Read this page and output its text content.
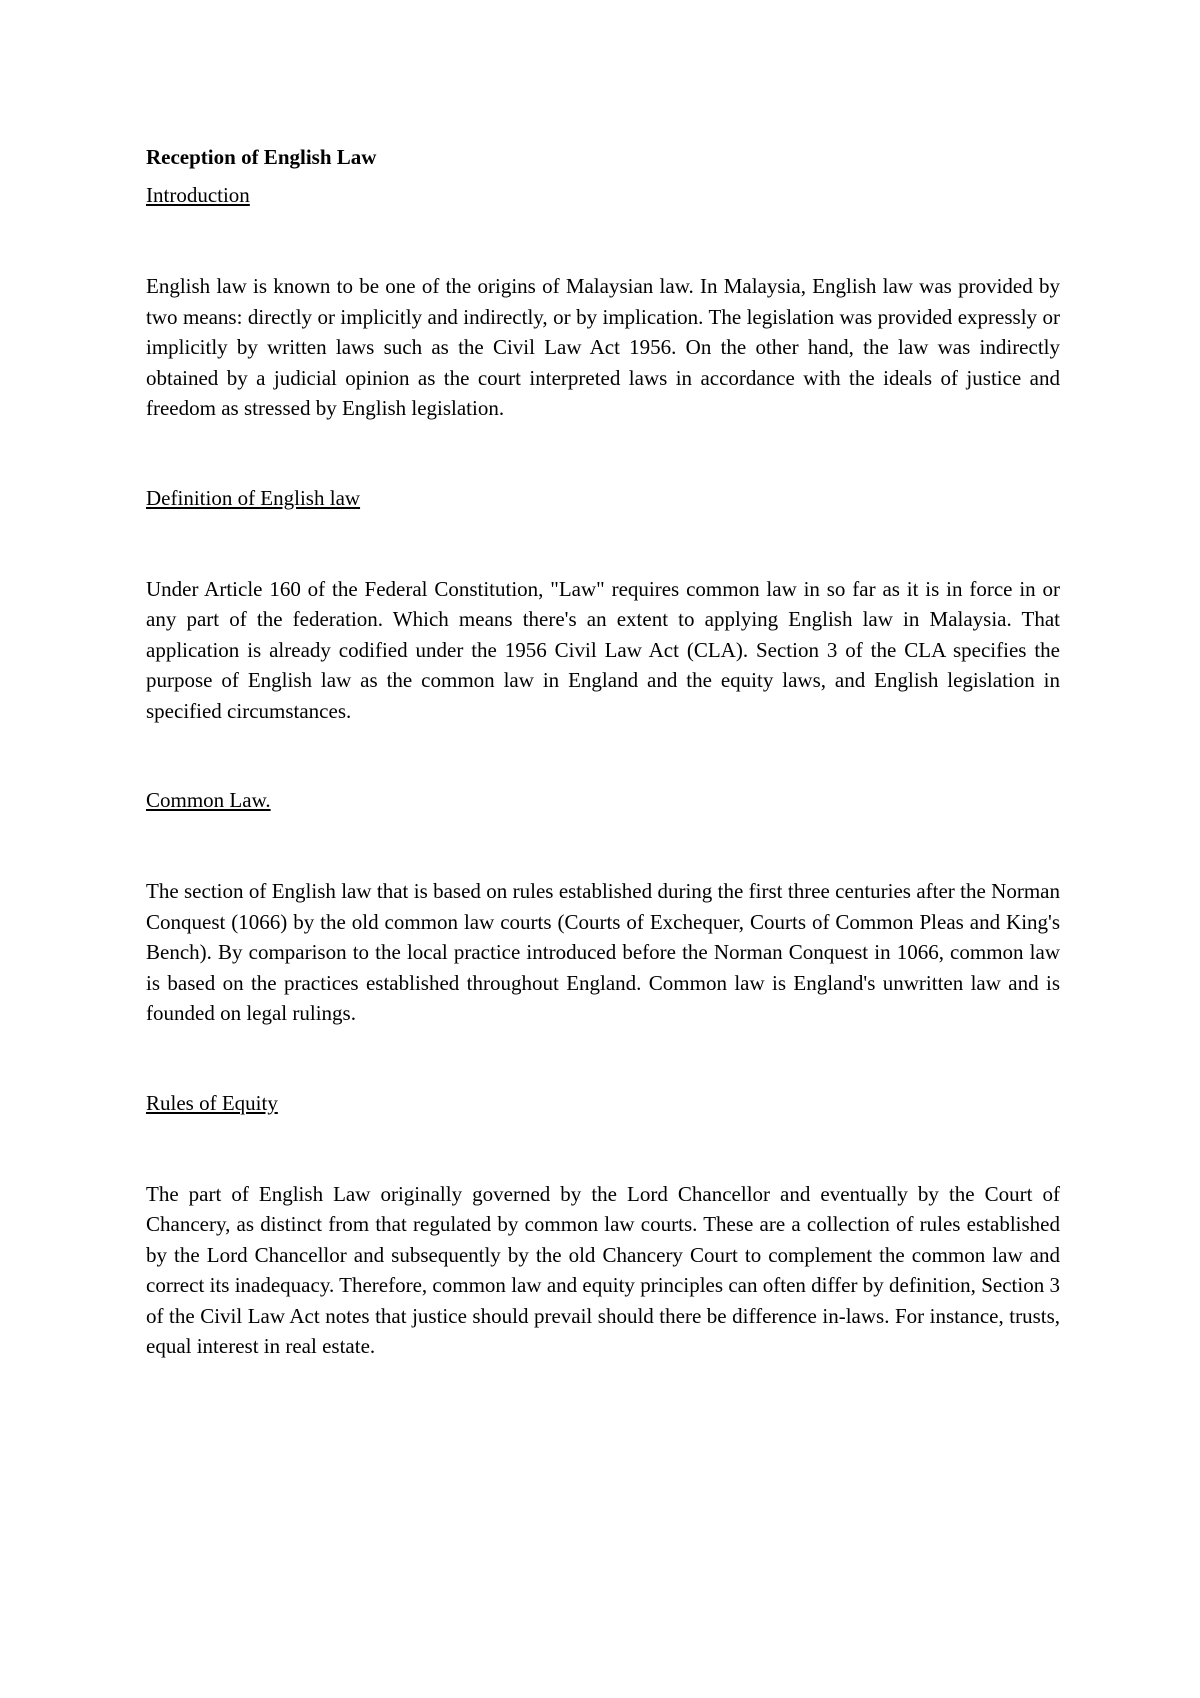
Reception of English Law
Introduction

English law is known to be one of the origins of Malaysian law. In Malaysia, English law was provided by two means: directly or implicitly and indirectly, or by implication. The legislation was provided expressly or implicitly by written laws such as the Civil Law Act 1956. On the other hand, the law was indirectly obtained by a judicial opinion as the court interpreted laws in accordance with the ideals of justice and freedom as stressed by English legislation.

Definition of English law

Under Article 160 of the Federal Constitution, "Law" requires common law in so far as it is in force in or any part of the federation. Which means there's an extent to applying English law in Malaysia. That application is already codified under the 1956 Civil Law Act (CLA). Section 3 of the CLA specifies the purpose of English law as the common law in England and the equity laws, and English legislation in specified circumstances.

Common Law.

The section of English law that is based on rules established during the first three centuries after the Norman Conquest (1066) by the old common law courts (Courts of Exchequer, Courts of Common Pleas and King's Bench). By comparison to the local practice introduced before the Norman Conquest in 1066, common law is based on the practices established throughout England. Common law is England's unwritten law and is founded on legal rulings.

Rules of Equity

The part of English Law originally governed by the Lord Chancellor and eventually by the Court of Chancery, as distinct from that regulated by common law courts. These are a collection of rules established by the Lord Chancellor and subsequently by the old Chancery Court to complement the common law and correct its inadequacy. Therefore, common law and equity principles can often differ by definition, Section 3 of the Civil Law Act notes that justice should prevail should there be difference in-laws. For instance, trusts, equal interest in real estate.
